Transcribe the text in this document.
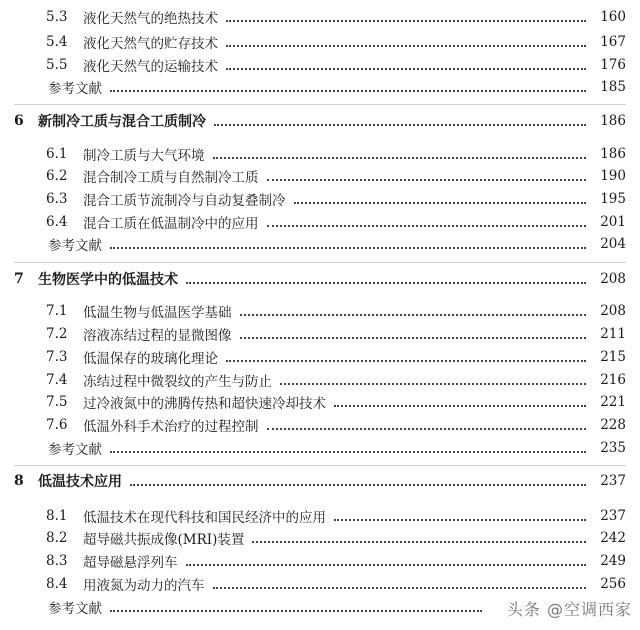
5.3	液化天然气的绝热技术	160
5.4	液化天然气的贮存技术	167
5.5	液化天然气的运输技术	176
参考文献	185
6	新制冷工质与混合工质制冷	186
6.1	制冷工质与大气环境	186
6.2	混合制冷工质与自然制冷工质	190
6.3	混合工质节流制冷与自动复叠制冷	195
6.4	混合工质在低温制冷中的应用	201
参考文献	204
7	生物医学中的低温技术	208
7.1	低温生物与低温医学基础	208
7.2	溶液冻结过程的显微图像	211
7.3	低温保存的玻璃化理论	215
7.4	冻结过程中微裂纹的产生与防止	216
7.5	过冷液氮中的沸腾传热和超快速冷却技术	221
7.6	低温外科手术治疗的过程控制	228
参考文献	235
8	低温技术应用	237
8.1	低温技术在现代科技和国民经济中的应用	237
8.2	超导磁共振成像(MRI)装置	242
8.3	超导磁悬浮列车	249
8.4	用液氮为动力的汽车	256
参考文献	头条 @空调西家
